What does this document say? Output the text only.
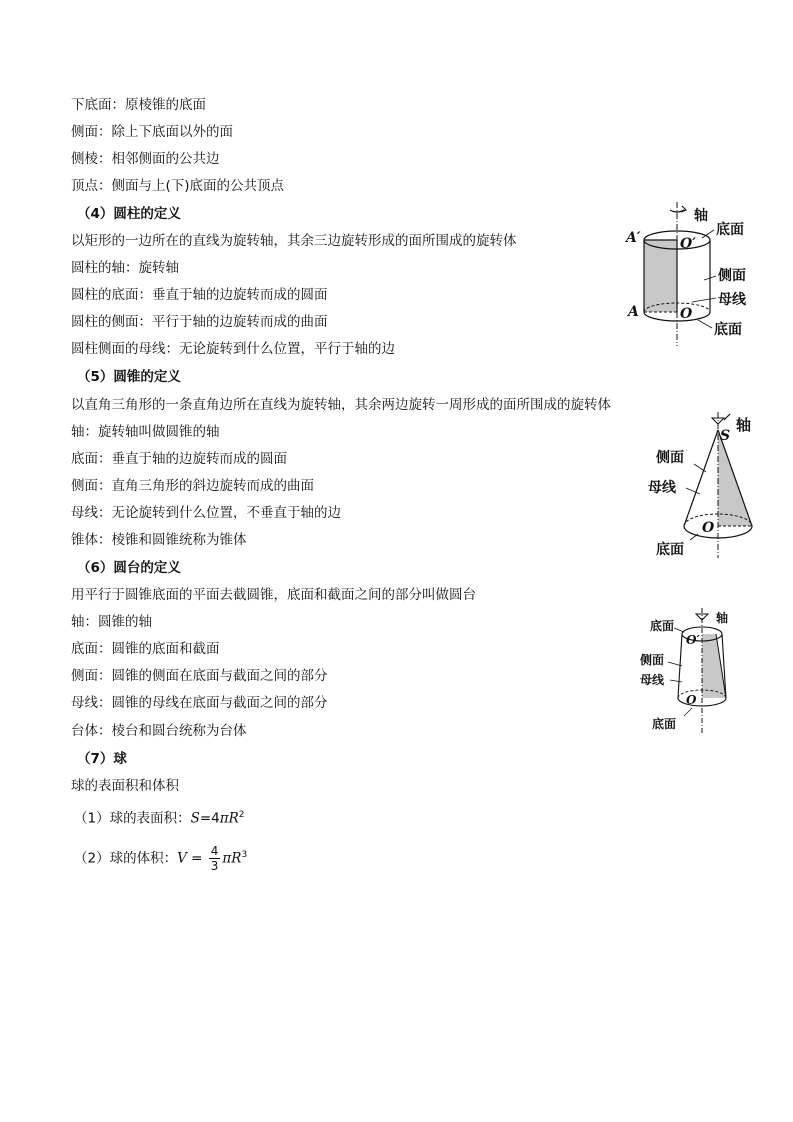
下底面：原棱锥的底面
侧面：除上下底面以外的面
侧棱：相邻侧面的公共边
顶点：侧面与上(下)底面的公共顶点
（4）圆柱的定义
以矩形的一边所在的直线为旋转轴，其余三边旋转形成的面所围成的旋转体
圆柱的轴：旋转轴
圆柱的底面：垂直于轴的边旋转而成的圆面
圆柱的侧面：平行于轴的边旋转而成的曲面
圆柱侧面的母线：无论旋转到什么位置，平行于轴的边
轴
底面
侧面
母线
底面
A′	O′
A	O
（5）圆锥的定义
以直角三角形的一条直角边所在直线为旋转轴，其余两边旋转一周形成的面所围成的旋转体
轴：旋转轴叫做圆锥的轴
底面：垂直于轴的边旋转而成的圆面
侧面：直角三角形的斜边旋转而成的曲面
母线：无论旋转到什么位置，不垂直于轴的边
锥体：棱锥和圆锥统称为锥体
轴
S
侧面
母线
O
底面
（6）圆台的定义
用平行于圆锥底面的平面去截圆锥，底面和截面之间的部分叫做圆台
轴：圆锥的轴
底面：圆锥的底面和截面
侧面：圆锥的侧面在底面与截面之间的部分
母线：圆锥的母线在底面与截面之间的部分
台体：棱台和圆台统称为台体
底面
轴
O′
侧面
母线
O
底面
（7）球
球的表面积和体积
（1）球的表面积：$S=4\pi R^2$
（2）球的体积：$V = \frac{4}{3} \pi R^3$
